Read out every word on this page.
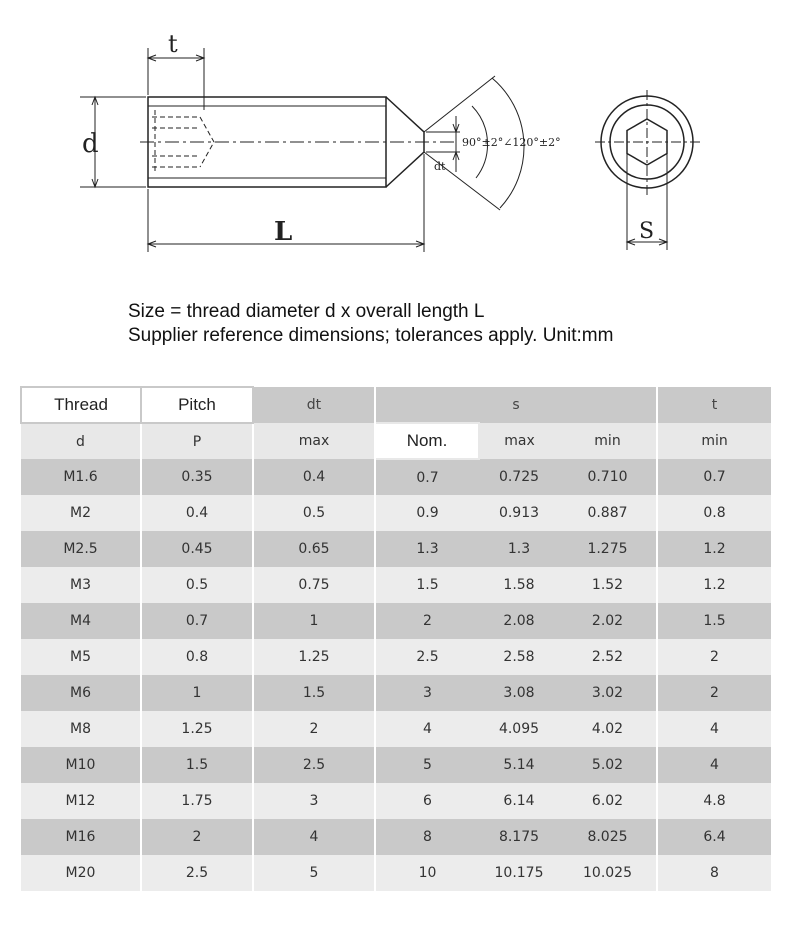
t
d
L
dt
90°±2°∠120°±2°
S
Size = thread diameter d x overall length L
Supplier reference dimensions; tolerances apply. Unit:mm
Thread	Pitch	dt	s			t
d	P	max	Nom.	max	min	min
M1.6	0.35	0.4	0.7	0.725	0.710	0.7
M2	0.4	0.5	0.9	0.913	0.887	0.8
M2.5	0.45	0.65	1.3	1.3	1.275	1.2
M3	0.5	0.75	1.5	1.58	1.52	1.2
M4	0.7	1	2	2.08	2.02	1.5
M5	0.8	1.25	2.5	2.58	2.52	2
M6	1	1.5	3	3.08	3.02	2
M8	1.25	2	4	4.095	4.02	4
M10	1.5	2.5	5	5.14	5.02	4
M12	1.75	3	6	6.14	6.02	4.8
M16	2	4	8	8.175	8.025	6.4
M20	2.5	5	10	10.175	10.025	8
